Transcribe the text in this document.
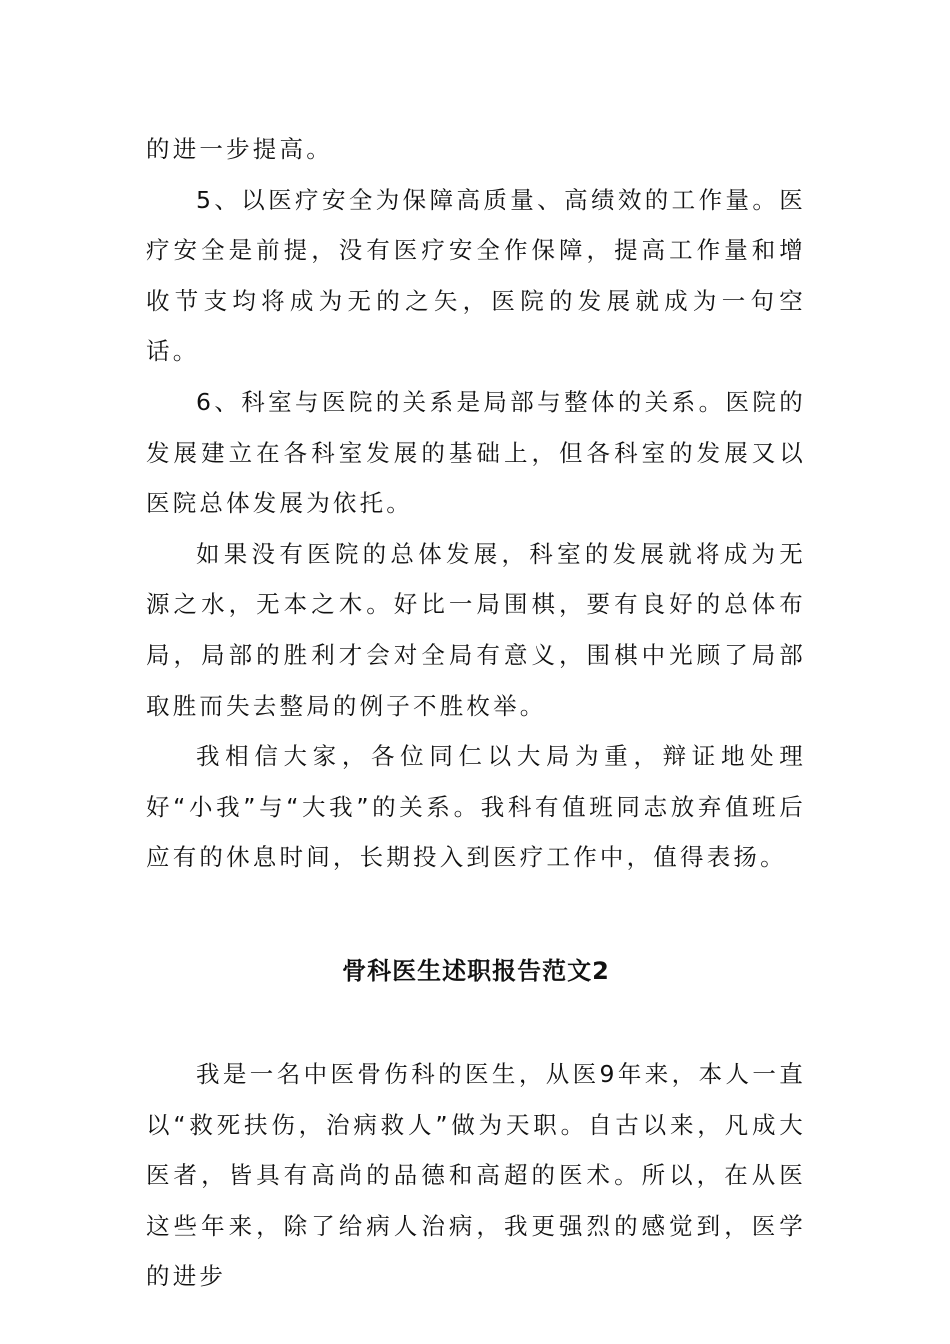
的进一步提高。

5、以医疗安全为保障高质量、高绩效的工作量。医疗安全是前提，没有医疗安全作保障，提高工作量和增收节支均将成为无的之矢，医院的发展就成为一句空话。

6、科室与医院的关系是局部与整体的关系。医院的发展建立在各科室发展的基础上，但各科室的发展又以医院总体发展为依托。

如果没有医院的总体发展，科室的发展就将成为无源之水，无本之木。好比一局围棋，要有良好的总体布局，局部的胜利才会对全局有意义，围棋中光顾了局部取胜而失去整局的例子不胜枚举。

我相信大家，各位同仁以大局为重，辩证地处理好“小我”与“大我”的关系。我科有值班同志放弃值班后应有的休息时间，长期投入到医疗工作中，值得表扬。

骨科医生述职报告范文2

我是一名中医骨伤科的医生，从医9年来，本人一直以“救死扶伤，治病救人”做为天职。自古以来，凡成大医者，皆具有高尚的品德和高超的医术。所以，在从医这些年来，除了给病人治病，我更强烈的感觉到，医学的进步
